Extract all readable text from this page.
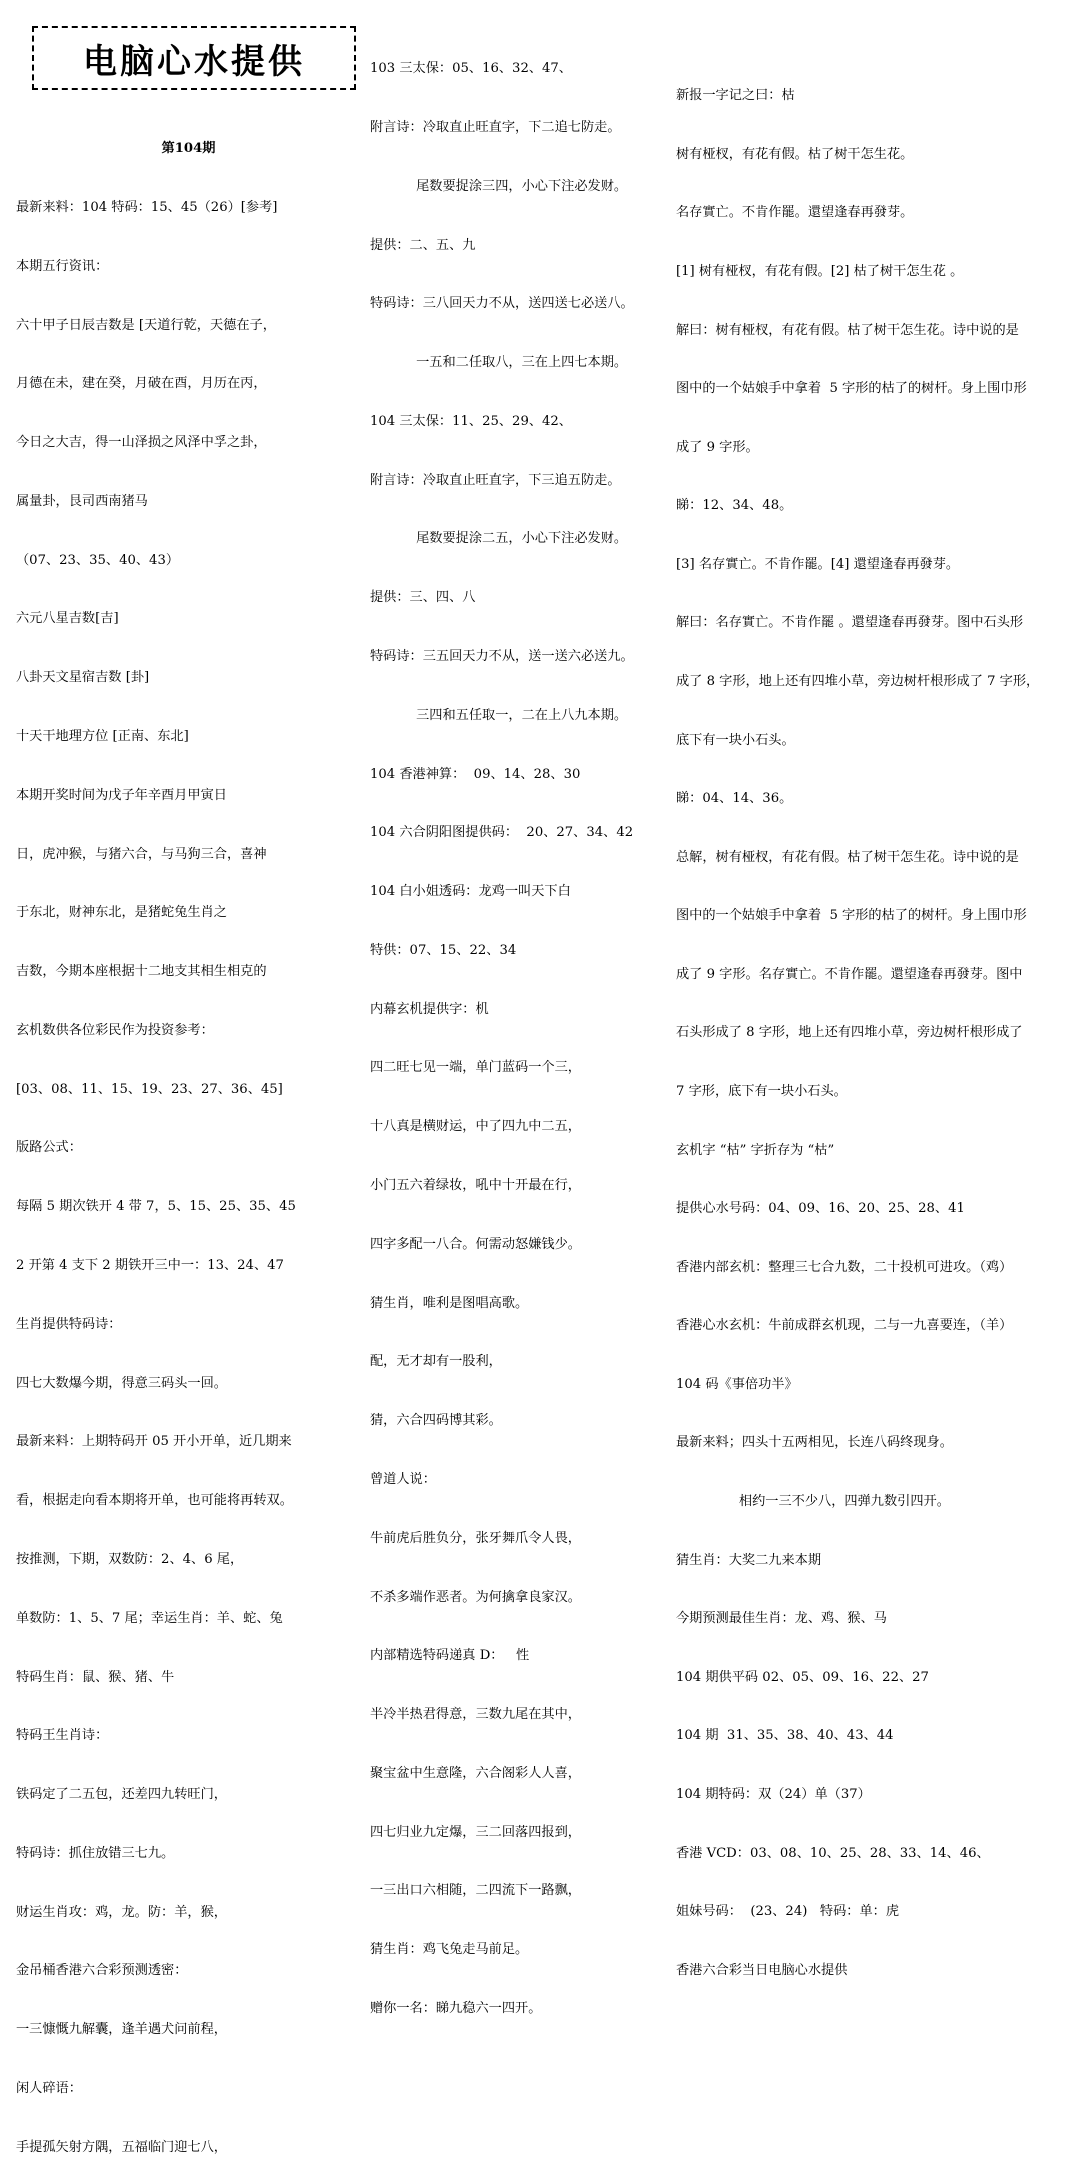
电脑心水提供

第104期

最新来料：104 特码：15、45（26）[参考]

本期五行资讯：

六十甲子日辰吉数是 [天道行乾，天德在子，

月德在未，建在癸，月破在酉，月历在丙，

今日之大吉，得一山泽损之风泽中孚之卦，

属量卦，艮司西南猪马

（07、23、35、40、43）

六元八星吉数[吉]

八卦天文星宿吉数 [卦]

十天干地理方位 [正南、东北]

本期开奖时间为戊子年辛酉月甲寅日

日，虎冲猴，与猪六合，与马狗三合，喜神

于东北，财神东北，是猪蛇兔生肖之

吉数，今期本座根据十二地支其相生相克的

玄机数供各位彩民作为投资参考：

[03、08、11、15、19、23、27、36、45]

版路公式：

每隔 5 期次铁开 4 带 7，5、15、25、35、45

2 开第 4 支下 2 期铁开三中一：13、24、47

生肖提供特码诗：

四七大数爆今期，得意三码头一回。

最新来料：上期特码开 05 开小开单，近几期来

看，根据走向看本期将开单，也可能将再转双。

按推测，下期，双数防：2、4、6 尾，

单数防：1、5、7 尾；幸运生肖：羊、蛇、兔

特码生肖：鼠、猴、猪、牛

特码王生肖诗：

铁码定了二五包，还差四九转旺门，

特码诗：抓住放错三七九。

财运生肖攻：鸡，龙。防：羊，猴，

金吊桶香港六合彩预测透密：

一三慷慨九解囊，逢羊遇犬问前程，

闲人碎语：

手提孤矢射方隅，五福临门迎七八，

103 三太保：05、16、32、47、

附言诗：冷取直止旺直字，下二追七防走。

尾数要捉涂三四，小心下注必发财。

提供：二、五、九

特码诗：三八回天力不从，送四送七必送八。

一五和二任取八，三在上四七本期。

104 三太保：11、25、29、42、

附言诗：冷取直止旺直字，下三追五防走。

尾数要捉涂二五，小心下注必发财。

提供：三、四、八

特码诗：三五回天力不从，送一送六必送九。

三四和五任取一，二在上八九本期。

104 香港神算：  09、14、28、30

104 六合阴阳图提供码：  20、27、34、42

104 白小姐透码：龙鸡一叫天下白

特供：07、15、22、34

内幕玄机提供字：机

四二旺七见一端，单门蓝码一个三，

十八真是横财运，中了四九中二五，

小门五六着绿妆，吼中十开最在行，

四字多配一八合。何需动怒嫌钱少。

猜生肖，唯利是图唱高歌。

配，无才却有一股利，

猜，六合四码博其彩。

曾道人说：

牛前虎后胜负分，张牙舞爪令人畏，

不杀多端作恶者。为何擒拿良家汉。

内部精选特码递真 D：   性

半冷半热君得意，三数九尾在其中，

聚宝盆中生意隆，六合阁彩人人喜，

四七归业九定爆，三二回落四报到，

一三出口六相随，二四流下一路飘，

猜生肖：鸡飞兔走马前足。

赠你一名：睇九稳六一四开。

新报一字记之曰：枯

树有桠杈，有花有假。枯了树干怎生花。

名存實亡。不肯作罷。還望逢春再發芽。

[1] 树有桠杈，有花有假。[2] 枯了树干怎生花 。

解曰：树有桠杈，有花有假。枯了树干怎生花。诗中说的是

图中的一个姑娘手中拿着  5 字形的枯了的树杆。身上围巾形

成了 9 字形。

睇：12、34、48。

[3] 名存實亡。不肯作罷。[4] 還望逢春再發芽。

解曰：名存實亡。不肯作罷 。還望逢春再發芽。图中石头形

成了 8 字形，地上还有四堆小草，旁边树杆根形成了 7 字形，

底下有一块小石头。

睇：04、14、36。

总解，树有桠杈，有花有假。枯了树干怎生花。诗中说的是

图中的一个姑娘手中拿着  5 字形的枯了的树杆。身上围巾形

成了 9 字形。名存實亡。不肯作罷。還望逢春再發芽。图中

石头形成了 8 字形，地上还有四堆小草，旁边树杆根形成了

7 字形，底下有一块小石头。

玄机字 “枯” 字折存为 “枯”

提供心水号码：04、09、16、20、25、28、41

香港内部玄机：整理三七合九数，二十投机可进攻。（鸡）

香港心水玄机：牛前成群玄机现，二与一九喜要连，（羊）

104 码《事倍功半》

最新来料；四头十五两相见，长连八码终现身。

相约一三不少八，四弹九数引四开。

猜生肖：大奖二九来本期

今期预测最佳生肖：龙、鸡、猴、马

104 期供平码 02、05、09、16、22、27

104 期  31、35、38、40、43、44

104 期特码：双（24）单（37）

香港 VCD：03、08、10、25、28、33、14、46、

姐妹号码：  (23、24)   特码：单：虎

香港六合彩当日电脑心水提供
